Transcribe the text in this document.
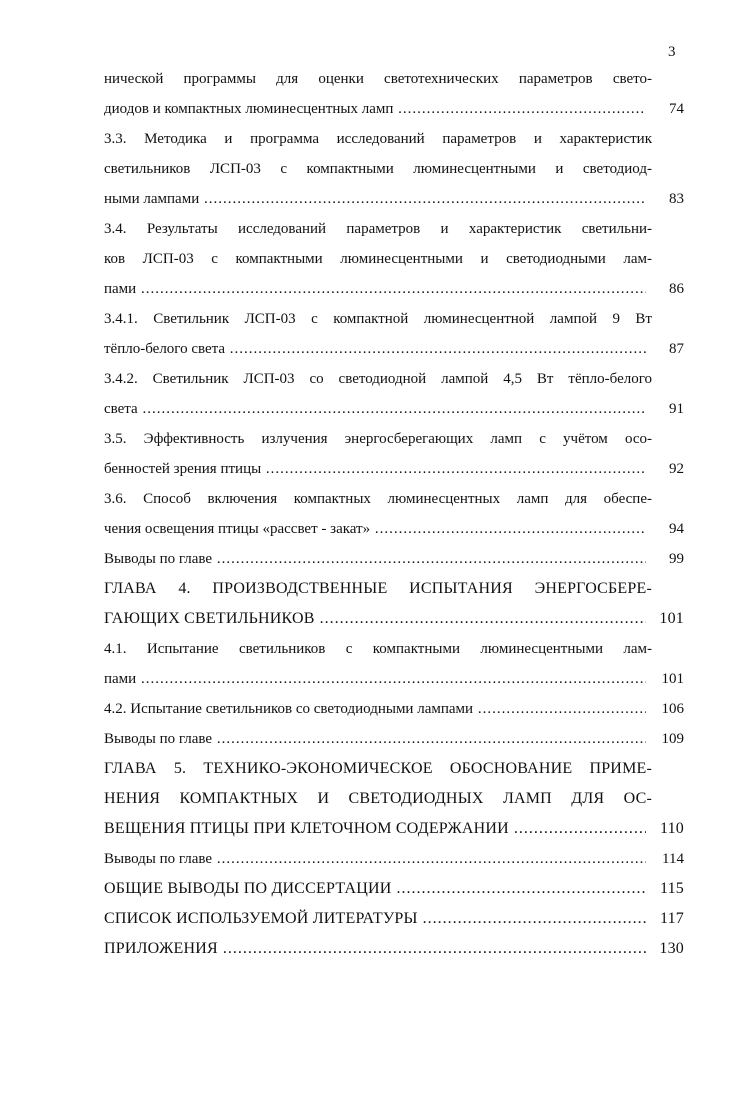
3
нической программы для оценки светотехнических параметров свето-
диодов и компактных люминесцентных ламп .....	74
3.3. Методика и программа исследований параметров и характеристик
светильников ЛСП-03 с компактными люминесцентными и светодиод-
ными лампами .....	83
3.4. Результаты исследований параметров и характеристик светильни-
ков ЛСП-03 с компактными люминесцентными и светодиодными лам-
пами .....	86
3.4.1. Светильник ЛСП-03 с компактной люминесцентной лампой 9 Вт
тёпло-белого света .....	87
3.4.2. Светильник ЛСП-03 со светодиодной лампой 4,5 Вт тёпло-белого
света .....	91
3.5. Эффективность излучения энергосберегающих ламп с учётом осо-
бенностей зрения птицы .....	92
3.6. Способ включения компактных люминесцентных ламп для обеспе-
чения освещения птицы «рассвет - закат» .....	94
Выводы по главе .....	99
ГЛАВА 4. ПРОИЗВОДСТВЕННЫЕ ИСПЫТАНИЯ ЭНЕРГОСБЕРЕ-
ГАЮЩИХ СВЕТИЛЬНИКОВ .....	101
4.1. Испытание светильников с компактными люминесцентными лам-
пами .....	101
4.2. Испытание светильников со светодиодными лампами .....	106
Выводы по главе .....	109
ГЛАВА 5. ТЕХНИКО-ЭКОНОМИЧЕСКОЕ ОБОСНОВАНИЕ ПРИМЕ-
НЕНИЯ КОМПАКТНЫХ И СВЕТОДИОДНЫХ ЛАМП ДЛЯ ОС-
ВЕЩЕНИЯ ПТИЦЫ ПРИ КЛЕТОЧНОМ СОДЕРЖАНИИ .....	110
Выводы по главе .....	114
ОБЩИЕ ВЫВОДЫ ПО ДИССЕРТАЦИИ .....	115
СПИСОК ИСПОЛЬЗУЕМОЙ ЛИТЕРАТУРЫ .....	117
ПРИЛОЖЕНИЯ .....	130
